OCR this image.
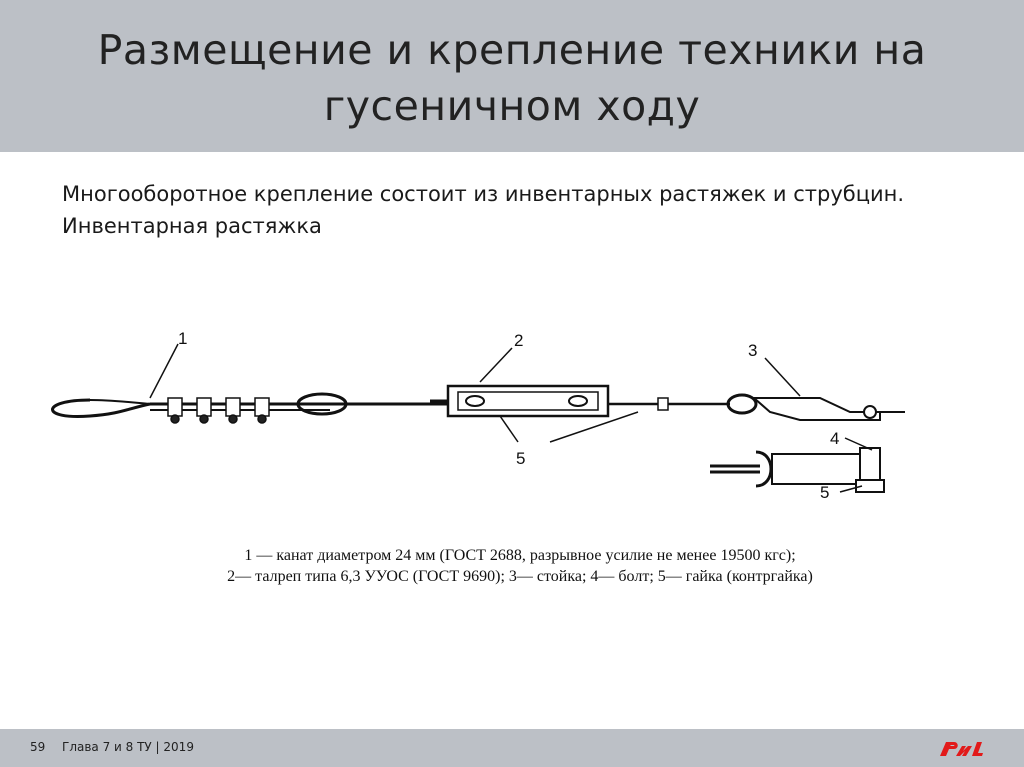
Размещение и крепление техники на гусеничном ходу
Многооборотное крепление состоит из инвентарных растяжек и струбцин. Инвентарная растяжка
1	2
3
4
5
5
1 — канат диаметром 24 мм (ГОСТ 2688, разрывное усилие не менее 19500 кгс);
2— талреп типа 6,3 УУОС (ГОСТ 9690); 3— стойка; 4— болт; 5— гайка (контргайка)
59 Глава 7 и 8 ТУ | 2019
